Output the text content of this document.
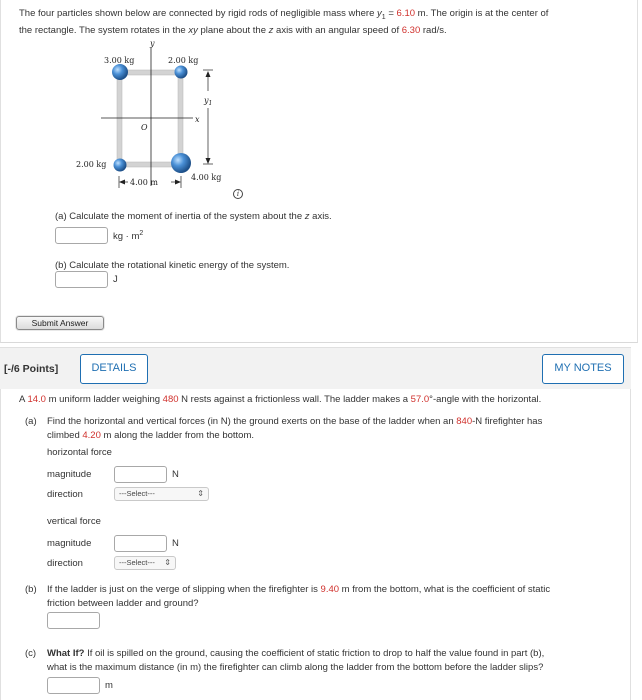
The four particles shown below are connected by rigid rods of negligible mass where $y_1 = 6.10$ m. The origin is at the center of
the rectangle. The system rotates in the xy plane about the z axis with an angular speed of 6.30 rad/s.
y
x
O
$y_1$
4.00 m
3.00 kg	2.00 kg
2.00 kg
4.00 kg
i
(a) Calculate the moment of inertia of the system about the z axis.
kg · $m^2$
(b) Calculate the rotational kinetic energy of the system.
J
Submit Answer
[-/6 Points]	DETAILS	MY NOTES
A 14.0 m uniform ladder weighing 480 N rests against a frictionless wall. The ladder makes a 57.0°-angle with the horizontal.
(a) Find the horizontal and vertical forces (in N) the ground exerts on the base of the ladder when an 840-N firefighter has
climbed 4.20 m along the ladder from the bottom.
horizontal force
magnitude	N
direction	---Select---	⇕
vertical force
magnitude	N
direction	---Select--- ⇕
(b) If the ladder is just on the verge of slipping when the firefighter is 9.40 m from the bottom, what is the coefficient of static
friction between ladder and ground?
(c) What If? If oil is spilled on the ground, causing the coefficient of static friction to drop to half the value found in part (b),
what is the maximum distance (in m) the firefighter can climb along the ladder from the bottom before the ladder slips?
m
